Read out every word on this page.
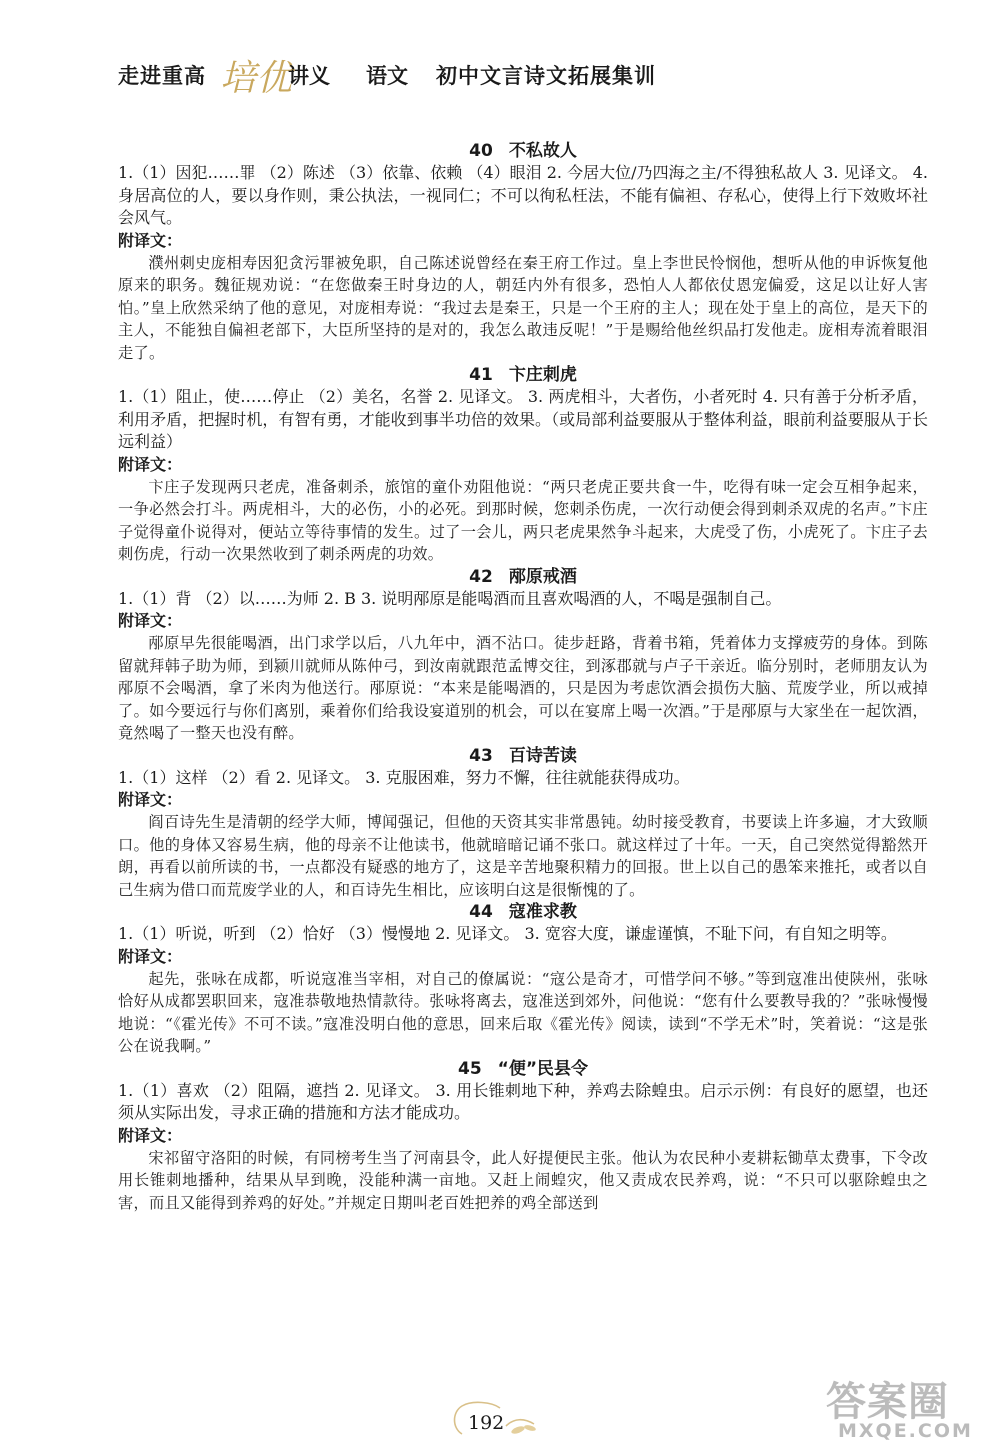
走进重高 培优
讲义 语文 初中文言诗文拓展集训
40 不私故人

1.（1）因犯……罪 （2）陈述 （3）依靠、依赖 （4）眼泪 2. 今居大位/乃四海之主/不得独私故人 3. 见译文。 4. 身居高位的人，要以身作则，秉公执法，一视同仁；不可以徇私枉法，不能有偏袒、存私心，使得上行下效败坏社会风气。

附译文：

濮州刺史庞相寿因犯贪污罪被免职，自己陈述说曾经在秦王府工作过。皇上李世民怜悯他，想听从他的申诉恢复他原来的职务。魏征规劝说：“在您做秦王时身边的人，朝廷内外有很多，恐怕人人都依仗恩宠偏爱，这足以让好人害怕。”皇上欣然采纳了他的意见，对庞相寿说：“我过去是秦王，只是一个王府的主人；现在处于皇上的高位，是天下的主人，不能独自偏袒老部下，大臣所坚持的是对的，我怎么敢违反呢！”于是赐给他丝织品打发他走。庞相寿流着眼泪走了。

41 卞庄刺虎

1.（1）阻止，使……停止 （2）美名，名誉 2. 见译文。 3. 两虎相斗，大者伤，小者死时 4. 只有善于分析矛盾，利用矛盾，把握时机，有智有勇，才能收到事半功倍的效果。（或局部利益要服从于整体利益，眼前利益要服从于长远利益）

附译文：

卞庄子发现两只老虎，准备刺杀，旅馆的童仆劝阻他说：“两只老虎正要共食一牛，吃得有味一定会互相争起来，一争必然会打斗。两虎相斗，大的必伤，小的必死。到那时候，您刺杀伤虎，一次行动便会得到刺杀双虎的名声。”卞庄子觉得童仆说得对，便站立等待事情的发生。过了一会儿，两只老虎果然争斗起来，大虎受了伤，小虎死了。卞庄子去刺伤虎，行动一次果然收到了刺杀两虎的功效。

42 邴原戒酒

1.（1）背 （2）以……为师 2. B 3. 说明邴原是能喝酒而且喜欢喝酒的人，不喝是强制自己。

附译文：

邴原早先很能喝酒，出门求学以后，八九年中，酒不沾口。徒步赶路，背着书箱，凭着体力支撑疲劳的身体。到陈留就拜韩子助为师，到颍川就师从陈仲弓，到汝南就跟范孟博交往，到涿郡就与卢子干亲近。临分别时，老师朋友认为邴原不会喝酒，拿了米肉为他送行。邴原说：“本来是能喝酒的，只是因为考虑饮酒会损伤大脑、荒废学业，所以戒掉了。如今要远行与你们离别，乘着你们给我设宴道别的机会，可以在宴席上喝一次酒。”于是邴原与大家坐在一起饮酒，竟然喝了一整天也没有醉。

43 百诗苦读

1.（1）这样 （2）看 2. 见译文。 3. 克服困难，努力不懈，往往就能获得成功。

附译文：

阎百诗先生是清朝的经学大师，博闻强记，但他的天资其实非常愚钝。幼时接受教育，书要读上许多遍，才大致顺口。他的身体又容易生病，他的母亲不让他读书，他就暗暗记诵不张口。就这样过了十年。一天，自己突然觉得豁然开朗，再看以前所读的书，一点都没有疑惑的地方了，这是辛苦地聚积精力的回报。世上以自己的愚笨来推托，或者以自己生病为借口而荒废学业的人，和百诗先生相比，应该明白这是很惭愧的了。

44 寇准求教

1.（1）听说，听到 （2）恰好 （3）慢慢地 2. 见译文。 3. 宽容大度，谦虚谨慎，不耻下问，有自知之明等。

附译文：

起先，张咏在成都，听说寇准当宰相，对自己的僚属说：“寇公是奇才，可惜学问不够。”等到寇准出使陕州，张咏恰好从成都罢职回来，寇准恭敬地热情款待。张咏将离去，寇准送到郊外，问他说：“您有什么要教导我的？”张咏慢慢地说：“《霍光传》不可不读。”寇准没明白他的意思，回来后取《霍光传》阅读，读到“不学无术”时，笑着说：“这是张公在说我啊。”

45 “便”民县令

1.（1）喜欢 （2）阻隔，遮挡 2. 见译文。 3. 用长锥刺地下种，养鸡去除蝗虫。启示示例：有良好的愿望，也还须从实际出发，寻求正确的措施和方法才能成功。

附译文：

宋祁留守洛阳的时候，有同榜考生当了河南县令，此人好提便民主张。他认为农民种小麦耕耘锄草太费事，下令改用长锥刺地播种，结果从早到晚，没能种满一亩地。又赶上闹蝗灾，他又责成农民养鸡，说：“不只可以驱除蝗虫之害，而且又能得到养鸡的好处。”并规定日期叫老百姓把养的鸡全部送到

192	答案圈
MXQE.COM
